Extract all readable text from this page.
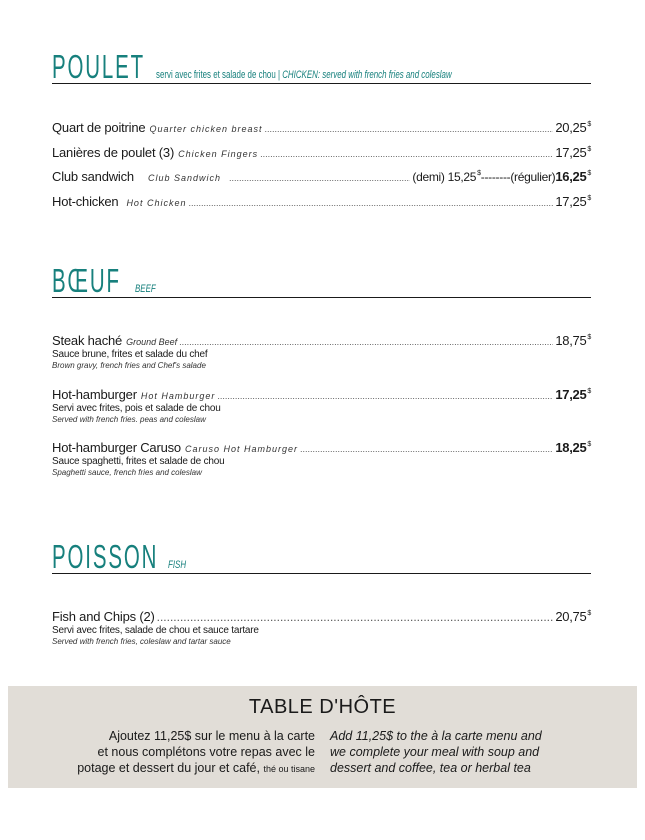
POULET servi avec frites et salade de chou | CHICKEN: served with french fries and coleslaw
Quart de poitrine Quarter chicken breast .....	20,25$
Lanières de poulet (3) Chicken Fingers .....	17,25$
Club sandwich Club Sandwich .....	(demi) 15,25$--------(régulier) 16,25$
Hot-chicken Hot Chicken .....	17,25$
BŒUF BEEF
Steak haché Ground Beef .....	18,75$
Sauce brune, frites et salade du chef
Brown gravy, french fries and Chef's salade
Hot-hamburger Hot Hamburger .....	17,25$
Servi avec frites, pois et salade de chou
Served with french fries. peas and coleslaw
Hot-hamburger Caruso Caruso Hot Hamburger .....	18,25$
Sauce spaghetti, frites et salade de chou
Spaghetti sauce, french fries and coleslaw
POISSON FISH
Fish and Chips (2) .....	20,75$
Servi avec frites, salade de chou et sauce tartare
Served with french fries, coleslaw and tartar sauce
TABLE D'HÔTE
Ajoutez 11,25$ sur le menu à la carte
et nous complétons votre repas avec le
potage et dessert du jour et café, thé ou tisane
Add 11,25$ to the à la carte menu and
we complete your meal with soup and
dessert and coffee, tea or herbal tea
